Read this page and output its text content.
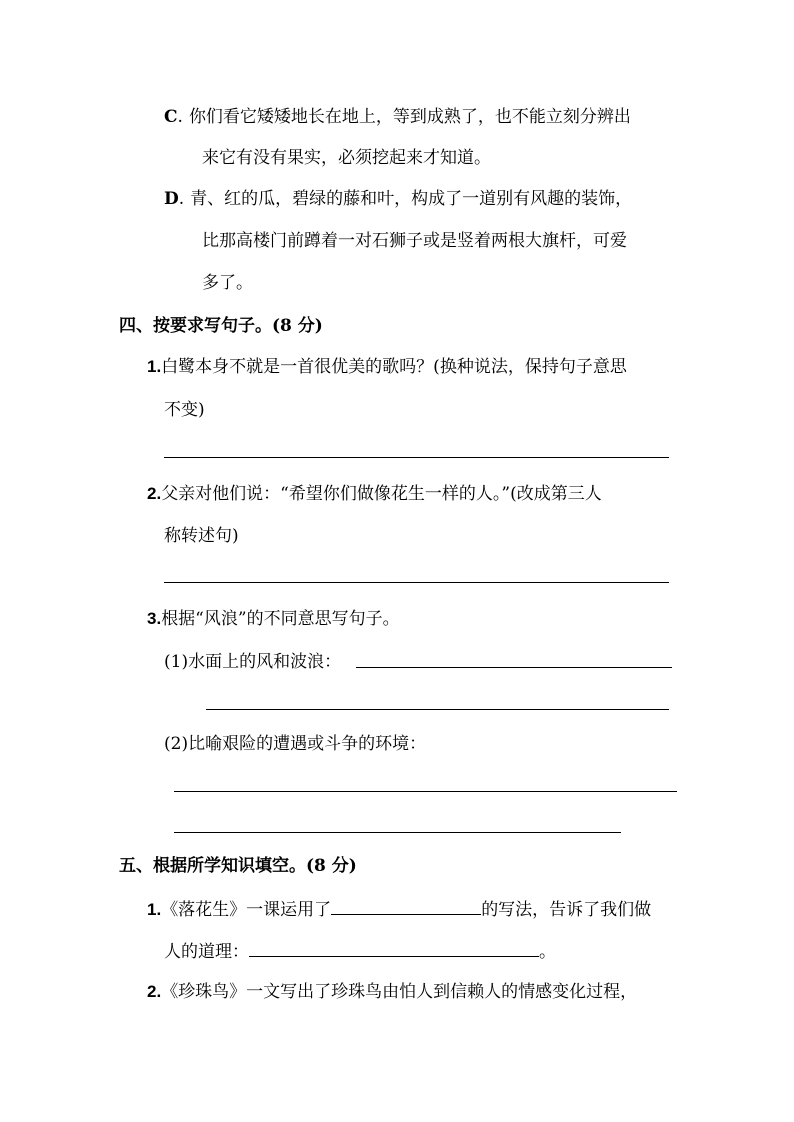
C. 你们看它矮矮地长在地上，等到成熟了，也不能立刻分辨出
来它有没有果实，必须挖起来才知道。
D. 青、红的瓜，碧绿的藤和叶，构成了一道别有风趣的装饰，
比那高楼门前蹲着一对石狮子或是竖着两根大旗杆，可爱
多了。
四、按要求写句子。(8 分)
1.白鹭本身不就是一首很优美的歌吗？(换种说法，保持句子意思
不变)
2.父亲对他们说：“希望你们做像花生一样的人。”(改成第三人
称转述句)
3.根据“风浪”的不同意思写句子。
(1)水面上的风和波浪：
(2)比喻艰险的遭遇或斗争的环境：
五、根据所学知识填空。(8 分)
1.《落花生》一课运用了	的写法，告诉了我们做
人的道理：	。
2.《珍珠鸟》一文写出了珍珠鸟由怕人到信赖人的情感变化过程，
